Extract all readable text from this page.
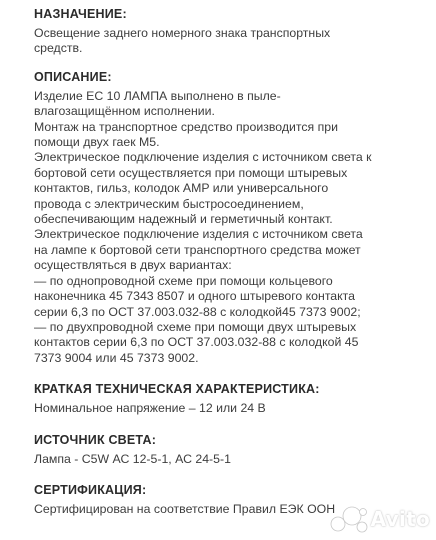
НАЗНАЧЕНИЕ:
Освещение заднего номерного знака транспортных
средств.
ОПИСАНИЕ:
Изделие ЕС 10 ЛАМПА выполнено в пыле-
влагозащищённом исполнении.
Монтаж на транспортное средство производится при
помощи двух гаек М5.
Электрическое подключение изделия с источником света к
бортовой сети осуществляется при помощи штыревых
контактов, гильз, колодок AMP или универсального
провода с электрическим быстросоединением,
обеспечивающим надежный и герметичный контакт.
Электрическое подключение изделия с источником света
на лампе к бортовой сети транспортного средства может
осуществляться в двух вариантах:
— по однопроводной схеме при помощи кольцевого
наконечника 45 7343 8507 и одного штыревого контакта
серии 6,3 по ОСТ 37.003.032-88 с колодкой45 7373 9002;
— по двухпроводной схеме при помощи двух штыревых
контактов серии 6,3 по ОСТ 37.003.032-88 с колодкой 45
7373 9004 или 45 7373 9002.
КРАТКАЯ ТЕХНИЧЕСКАЯ ХАРАКТЕРИСТИКА:
Номинальное напряжение – 12 или 24 В
ИСТОЧНИК СВЕТА:
Лампа - C5W АС 12-5-1, АС 24-5-1
СЕРТИФИКАЦИЯ:
Сертифицирован на соответствие Правил ЕЭК ООН	Avito
